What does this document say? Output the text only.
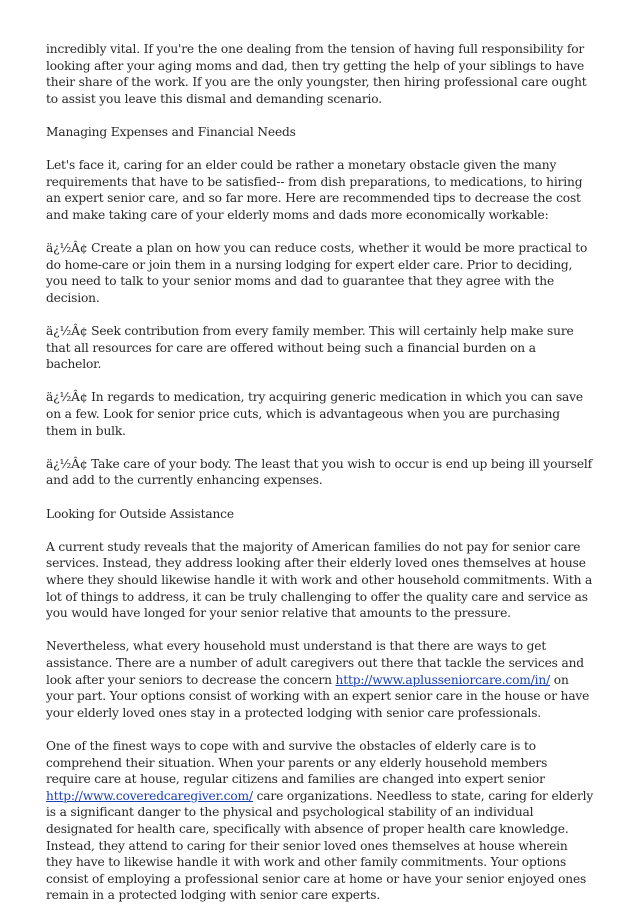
incredibly vital. If you're the one dealing from the tension of having full responsibility for looking after your aging moms and dad, then try getting the help of your siblings to have their share of the work. If you are the only youngster, then hiring professional care ought to assist you leave this dismal and demanding scenario.

Managing Expenses and Financial Needs

Let's face it, caring for an elder could be rather a monetary obstacle given the many requirements that have to be satisfied-- from dish preparations, to medications, to hiring an expert senior care, and so far more. Here are recommended tips to decrease the cost and make taking care of your elderly moms and dads more economically workable:

ä¿½Â¢ Create a plan on how you can reduce costs, whether it would be more practical to do home-care or join them in a nursing lodging for expert elder care. Prior to deciding, you need to talk to your senior moms and dad to guarantee that they agree with the decision.

ä¿½Â¢ Seek contribution from every family member. This will certainly help make sure that all resources for care are offered without being such a financial burden on a bachelor.

ä¿½Â¢ In regards to medication, try acquiring generic medication in which you can save on a few. Look for senior price cuts, which is advantageous when you are purchasing them in bulk.

ä¿½Â¢ Take care of your body. The least that you wish to occur is end up being ill yourself and add to the currently enhancing expenses.

Looking for Outside Assistance

A current study reveals that the majority of American families do not pay for senior care services. Instead, they address looking after their elderly loved ones themselves at house where they should likewise handle it with work and other household commitments. With a lot of things to address, it can be truly challenging to offer the quality care and service as you would have longed for your senior relative that amounts to the pressure.

Nevertheless, what every household must understand is that there are ways to get assistance. There are a number of adult caregivers out there that tackle the services and look after your seniors to decrease the concern http://www.aplusseniorcare.com/in/ on your part. Your options consist of working with an expert senior care in the house or have your elderly loved ones stay in a protected lodging with senior care professionals.

One of the finest ways to cope with and survive the obstacles of elderly care is to comprehend their situation. When your parents or any elderly household members require care at house, regular citizens and families are changed into expert senior http://www.coveredcaregiver.com/ care organizations. Needless to state, caring for elderly is a significant danger to the physical and psychological stability of an individual designated for health care, specifically with absence of proper health care knowledge. Instead, they attend to caring for their senior loved ones themselves at house wherein they have to likewise handle it with work and other family commitments. Your options consist of employing a professional senior care at home or have your senior enjoyed ones remain in a protected lodging with senior care experts.
